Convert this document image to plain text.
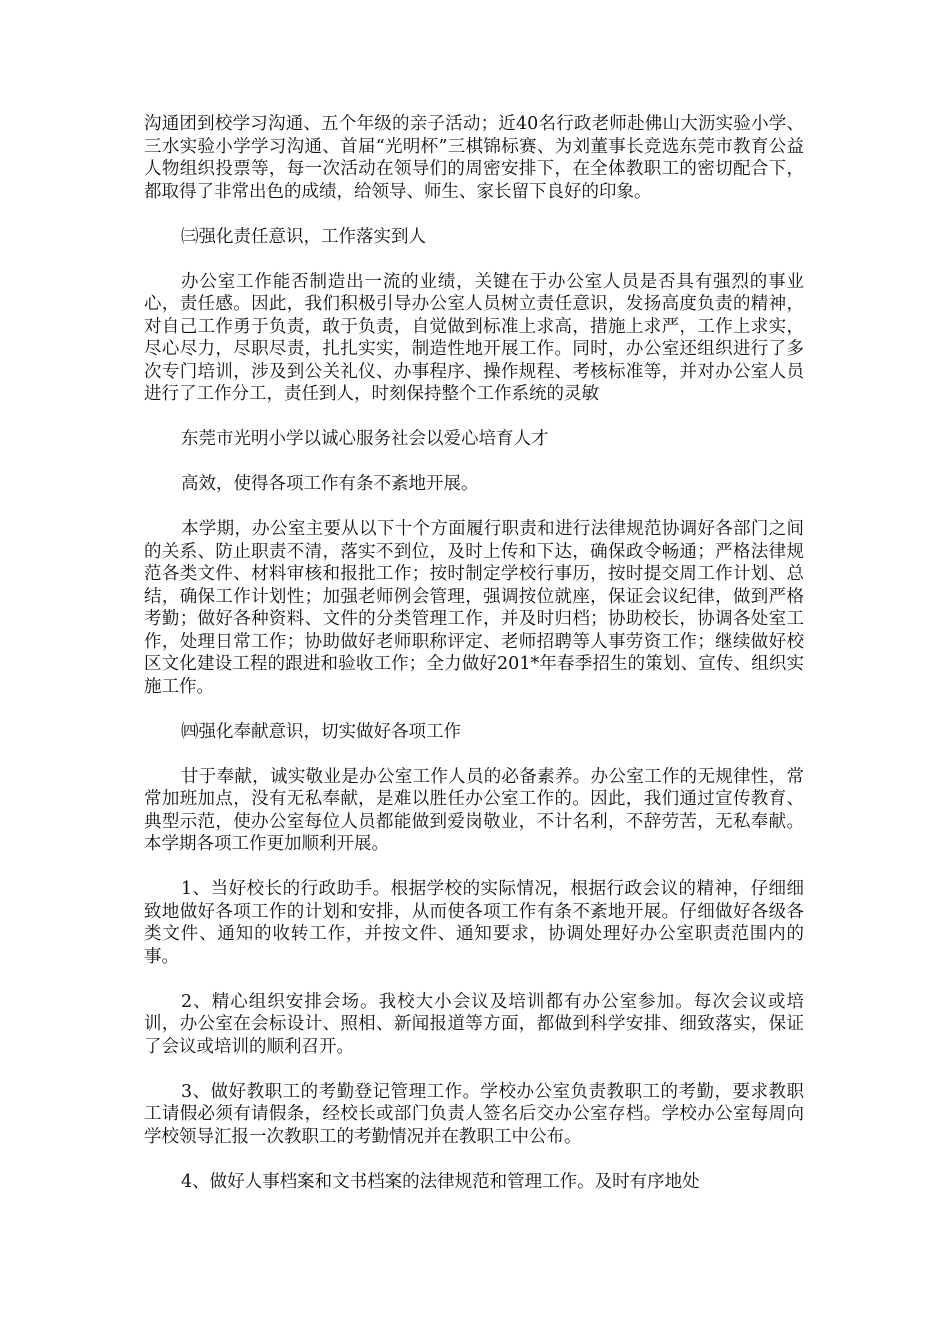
沟通团到校学习沟通、五个年级的亲子活动；近40名行政老师赴佛山大沥实验小学、三水实验小学学习沟通、首届“光明杯”三棋锦标赛、为刘董事长竞选东莞市教育公益人物组织投票等，每一次活动在领导们的周密安排下，在全体教职工的密切配合下，都取得了非常出色的成绩，给领导、师生、家长留下良好的印象。

㈢强化责任意识，工作落实到人

办公室工作能否制造出一流的业绩，关键在于办公室人员是否具有强烈的事业心，责任感。因此，我们积极引导办公室人员树立责任意识，发扬高度负责的精神，对自己工作勇于负责，敢于负责，自觉做到标准上求高，措施上求严，工作上求实，尽心尽力，尽职尽责，扎扎实实，制造性地开展工作。同时，办公室还组织进行了多次专门培训，涉及到公关礼仪、办事程序、操作规程、考核标准等，并对办公室人员进行了工作分工，责任到人，时刻保持整个工作系统的灵敏

东莞市光明小学以诚心服务社会以爱心培育人才

高效，使得各项工作有条不紊地开展。

本学期，办公室主要从以下十个方面履行职责和进行法律规范协调好各部门之间的关系、防止职责不清，落实不到位，及时上传和下达，确保政令畅通；严格法律规范各类文件、材料审核和报批工作；按时制定学校行事历，按时提交周工作计划、总结，确保工作计划性；加强老师例会管理，强调按位就座，保证会议纪律，做到严格考勤；做好各种资料、文件的分类管理工作，并及时归档；协助校长，协调各处室工作，处理日常工作；协助做好老师职称评定、老师招聘等人事劳资工作；继续做好校区文化建设工程的跟进和验收工作；全力做好201*年春季招生的策划、宣传、组织实施工作。

㈣强化奉献意识，切实做好各项工作

甘于奉献，诚实敬业是办公室工作人员的必备素养。办公室工作的无规律性，常常加班加点，没有无私奉献，是难以胜任办公室工作的。因此，我们通过宣传教育、典型示范，使办公室每位人员都能做到爱岗敬业，不计名利，不辞劳苦，无私奉献。本学期各项工作更加顺利开展。

1、当好校长的行政助手。根据学校的实际情况，根据行政会议的精神，仔细细致地做好各项工作的计划和安排，从而使各项工作有条不紊地开展。仔细做好各级各类文件、通知的收转工作，并按文件、通知要求，协调处理好办公室职责范围内的事。

2、精心组织安排会场。我校大小会议及培训都有办公室参加。每次会议或培训，办公室在会标设计、照相、新闻报道等方面，都做到科学安排、细致落实，保证了会议或培训的顺利召开。

3、做好教职工的考勤登记管理工作。学校办公室负责教职工的考勤，要求教职工请假必须有请假条，经校长或部门负责人签名后交办公室存档。学校办公室每周向学校领导汇报一次教职工的考勤情况并在教职工中公布。

4、做好人事档案和文书档案的法律规范和管理工作。及时有序地处
